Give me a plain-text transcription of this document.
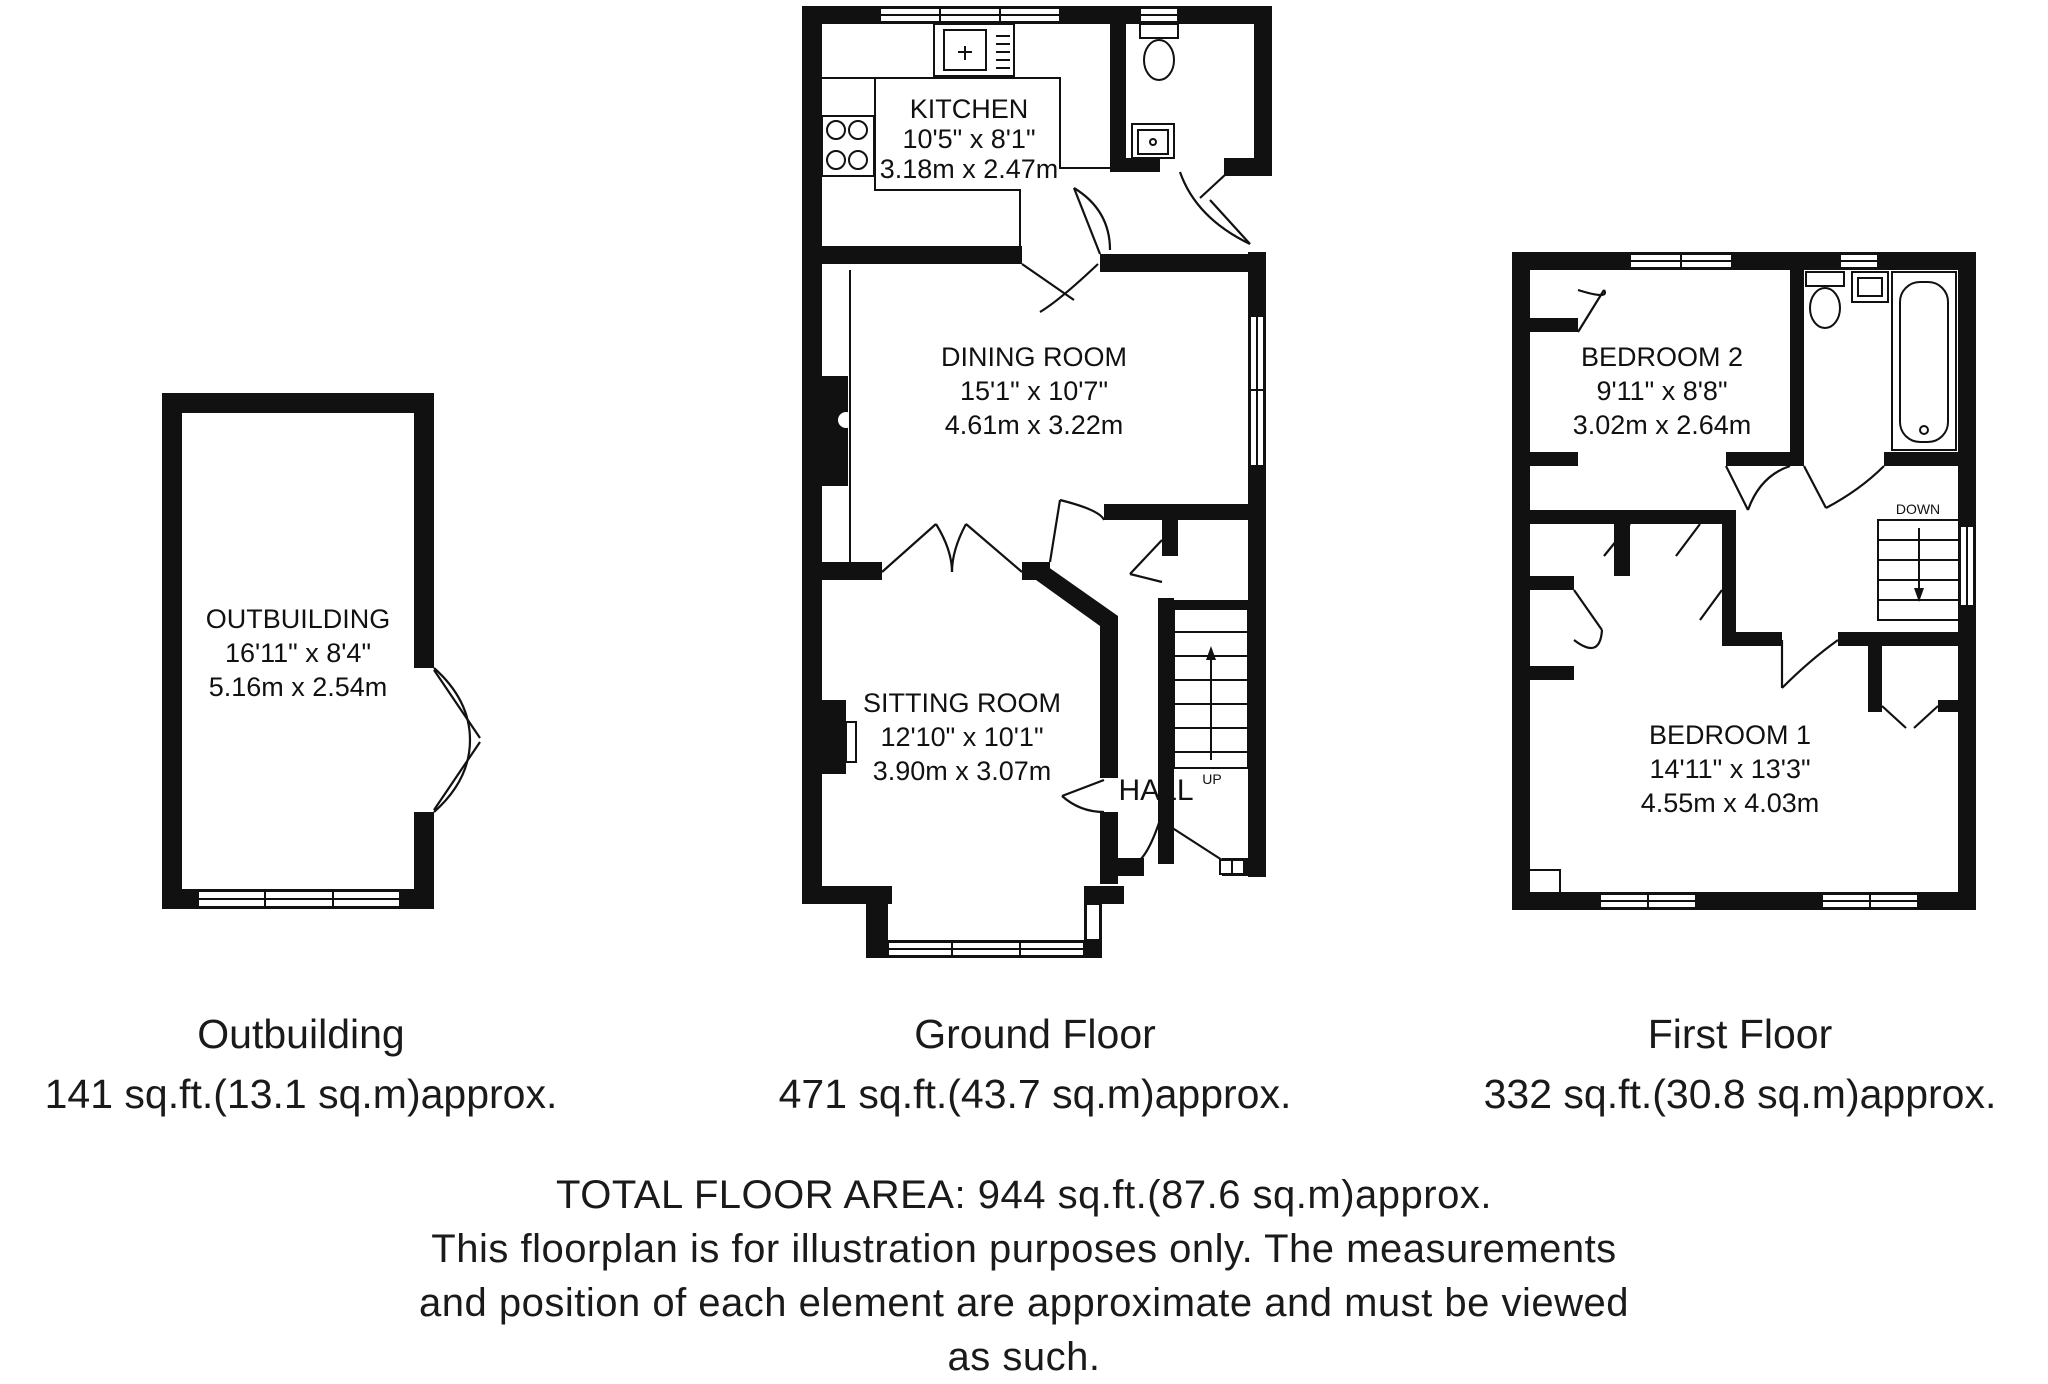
OUTBUILDING
16'11" x 8'4"
5.16m x 2.54m
KITCHEN
10'5" x 8'1"
3.18m x 2.47m
DINING ROOM
15'1" x 10'7"
4.61m x 3.22m
SITTING ROOM
12'10" x 10'1"
3.90m x 3.07m
HALL UP
BEDROOM 2
9'11" x 8'8"
3.02m x 2.64m
BEDROOM 1
14'11" x 13'3"
4.55m x 4.03m
DOWN
Outbuilding
141 sq.ft.(13.1 sq.m)approx.
Ground Floor
471 sq.ft.(43.7 sq.m)approx.
First Floor
332 sq.ft.(30.8 sq.m)approx.
TOTAL FLOOR AREA: 944 sq.ft.(87.6 sq.m)approx.
This floorplan is for illustration purposes only. The measurements
and position of each element are approximate and must be viewed
as such.
